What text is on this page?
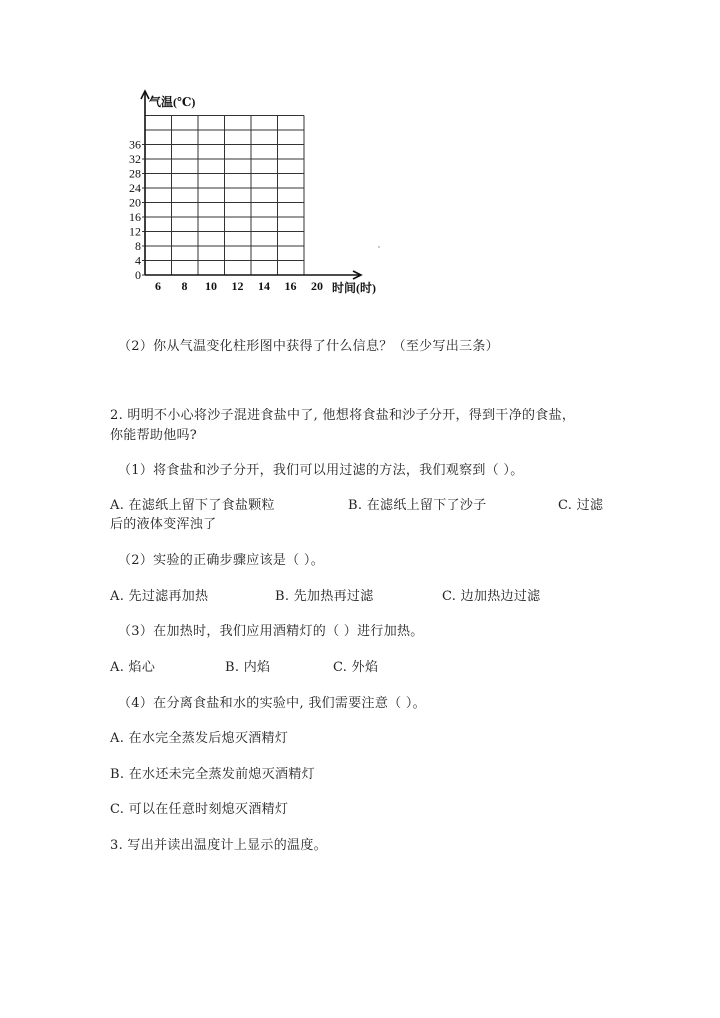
0
4
8
12
16
20
24
28
32
36
6 8 10 12 14 16 20
气温(℃)
时间(时)
（2）你从气温变化柱形图中获得了什么信息？（至少写出三条）
2. 明明不小心将沙子混进食盐中了, 他想将食盐和沙子分开，得到干净的食盐，
你能帮助他吗?
（1）将食盐和沙子分开，我们可以用过滤的方法，我们观察到（ ）。
A. 在滤纸上留下了食盐颗粒	B. 在滤纸上留下了沙子	C. 过滤
后的液体变浑浊了
（2）实验的正确步骤应该是（ ）。
A. 先过滤再加热	B. 先加热再过滤	C. 边加热边过滤
（3）在加热时，我们应用酒精灯的（ ）进行加热。
A. 焰心	B. 内焰	C. 外焰
（4）在分离食盐和水的实验中, 我们需要注意（ ）。
A. 在水完全蒸发后熄灭酒精灯
B. 在水还未完全蒸发前熄灭酒精灯
C. 可以在任意时刻熄灭酒精灯
3. 写出并读出温度计上显示的温度。
